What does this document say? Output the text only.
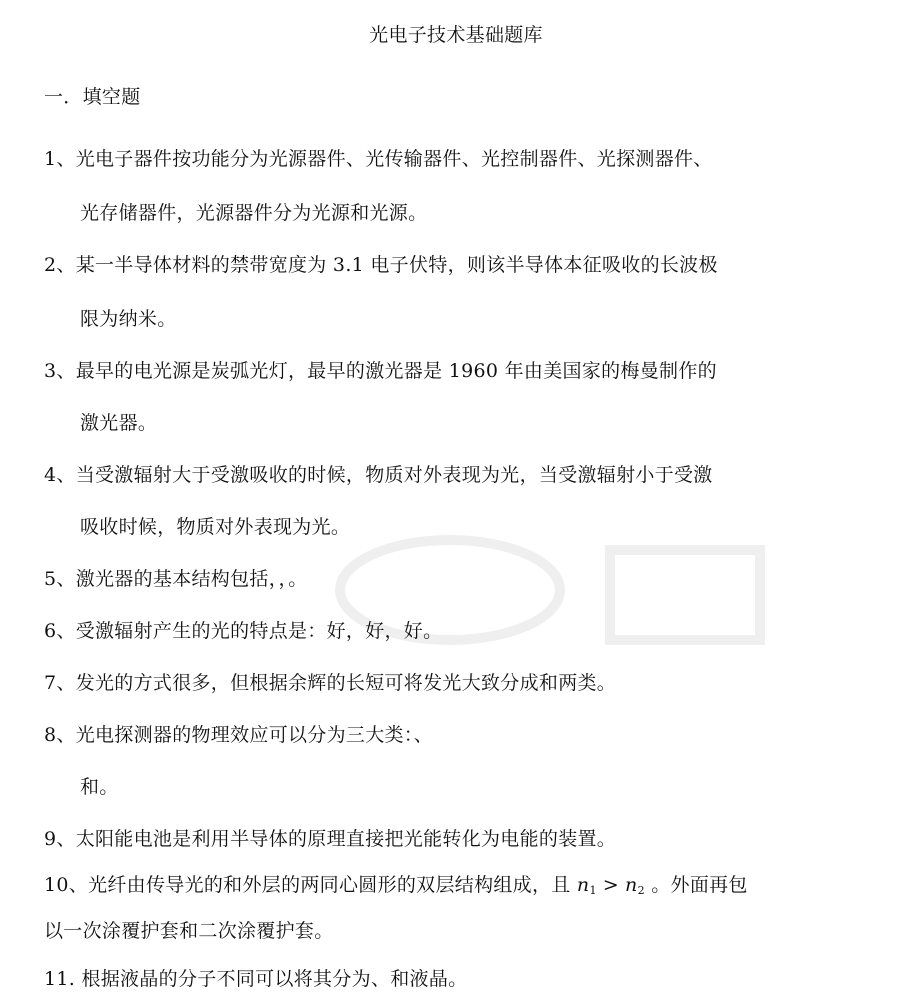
光电子技术基础题库
一．填空题
1、光电子器件按功能分为光源器件、光传输器件、光控制器件、光探测器件、
光存储器件，光源器件分为光源和光源。
2、某一半导体材料的禁带宽度为 3.1 电子伏特，则该半导体本征吸收的长波极
限为纳米。
3、最早的电光源是炭弧光灯，最早的激光器是 1960 年由美国家的梅曼制作的
激光器。
4、当受激辐射大于受激吸收的时候，物质对外表现为光，当受激辐射小于受激
吸收时候，物质对外表现为光。
5、激光器的基本结构包括，，。
6、受激辐射产生的光的特点是：好，好，好。
7、发光的方式很多，但根据余辉的长短可将发光大致分成和两类。
8、光电探测器的物理效应可以分为三大类：、
和。
9、太阳能电池是利用半导体的原理直接把光能转化为电能的装置。
10、光纤由传导光的和外层的两同心圆形的双层结构组成，且 $n_1 > n_2$ 。外面再包
以一次涂覆护套和二次涂覆护套。
11. 根据液晶的分子不同可以将其分为、和液晶。
